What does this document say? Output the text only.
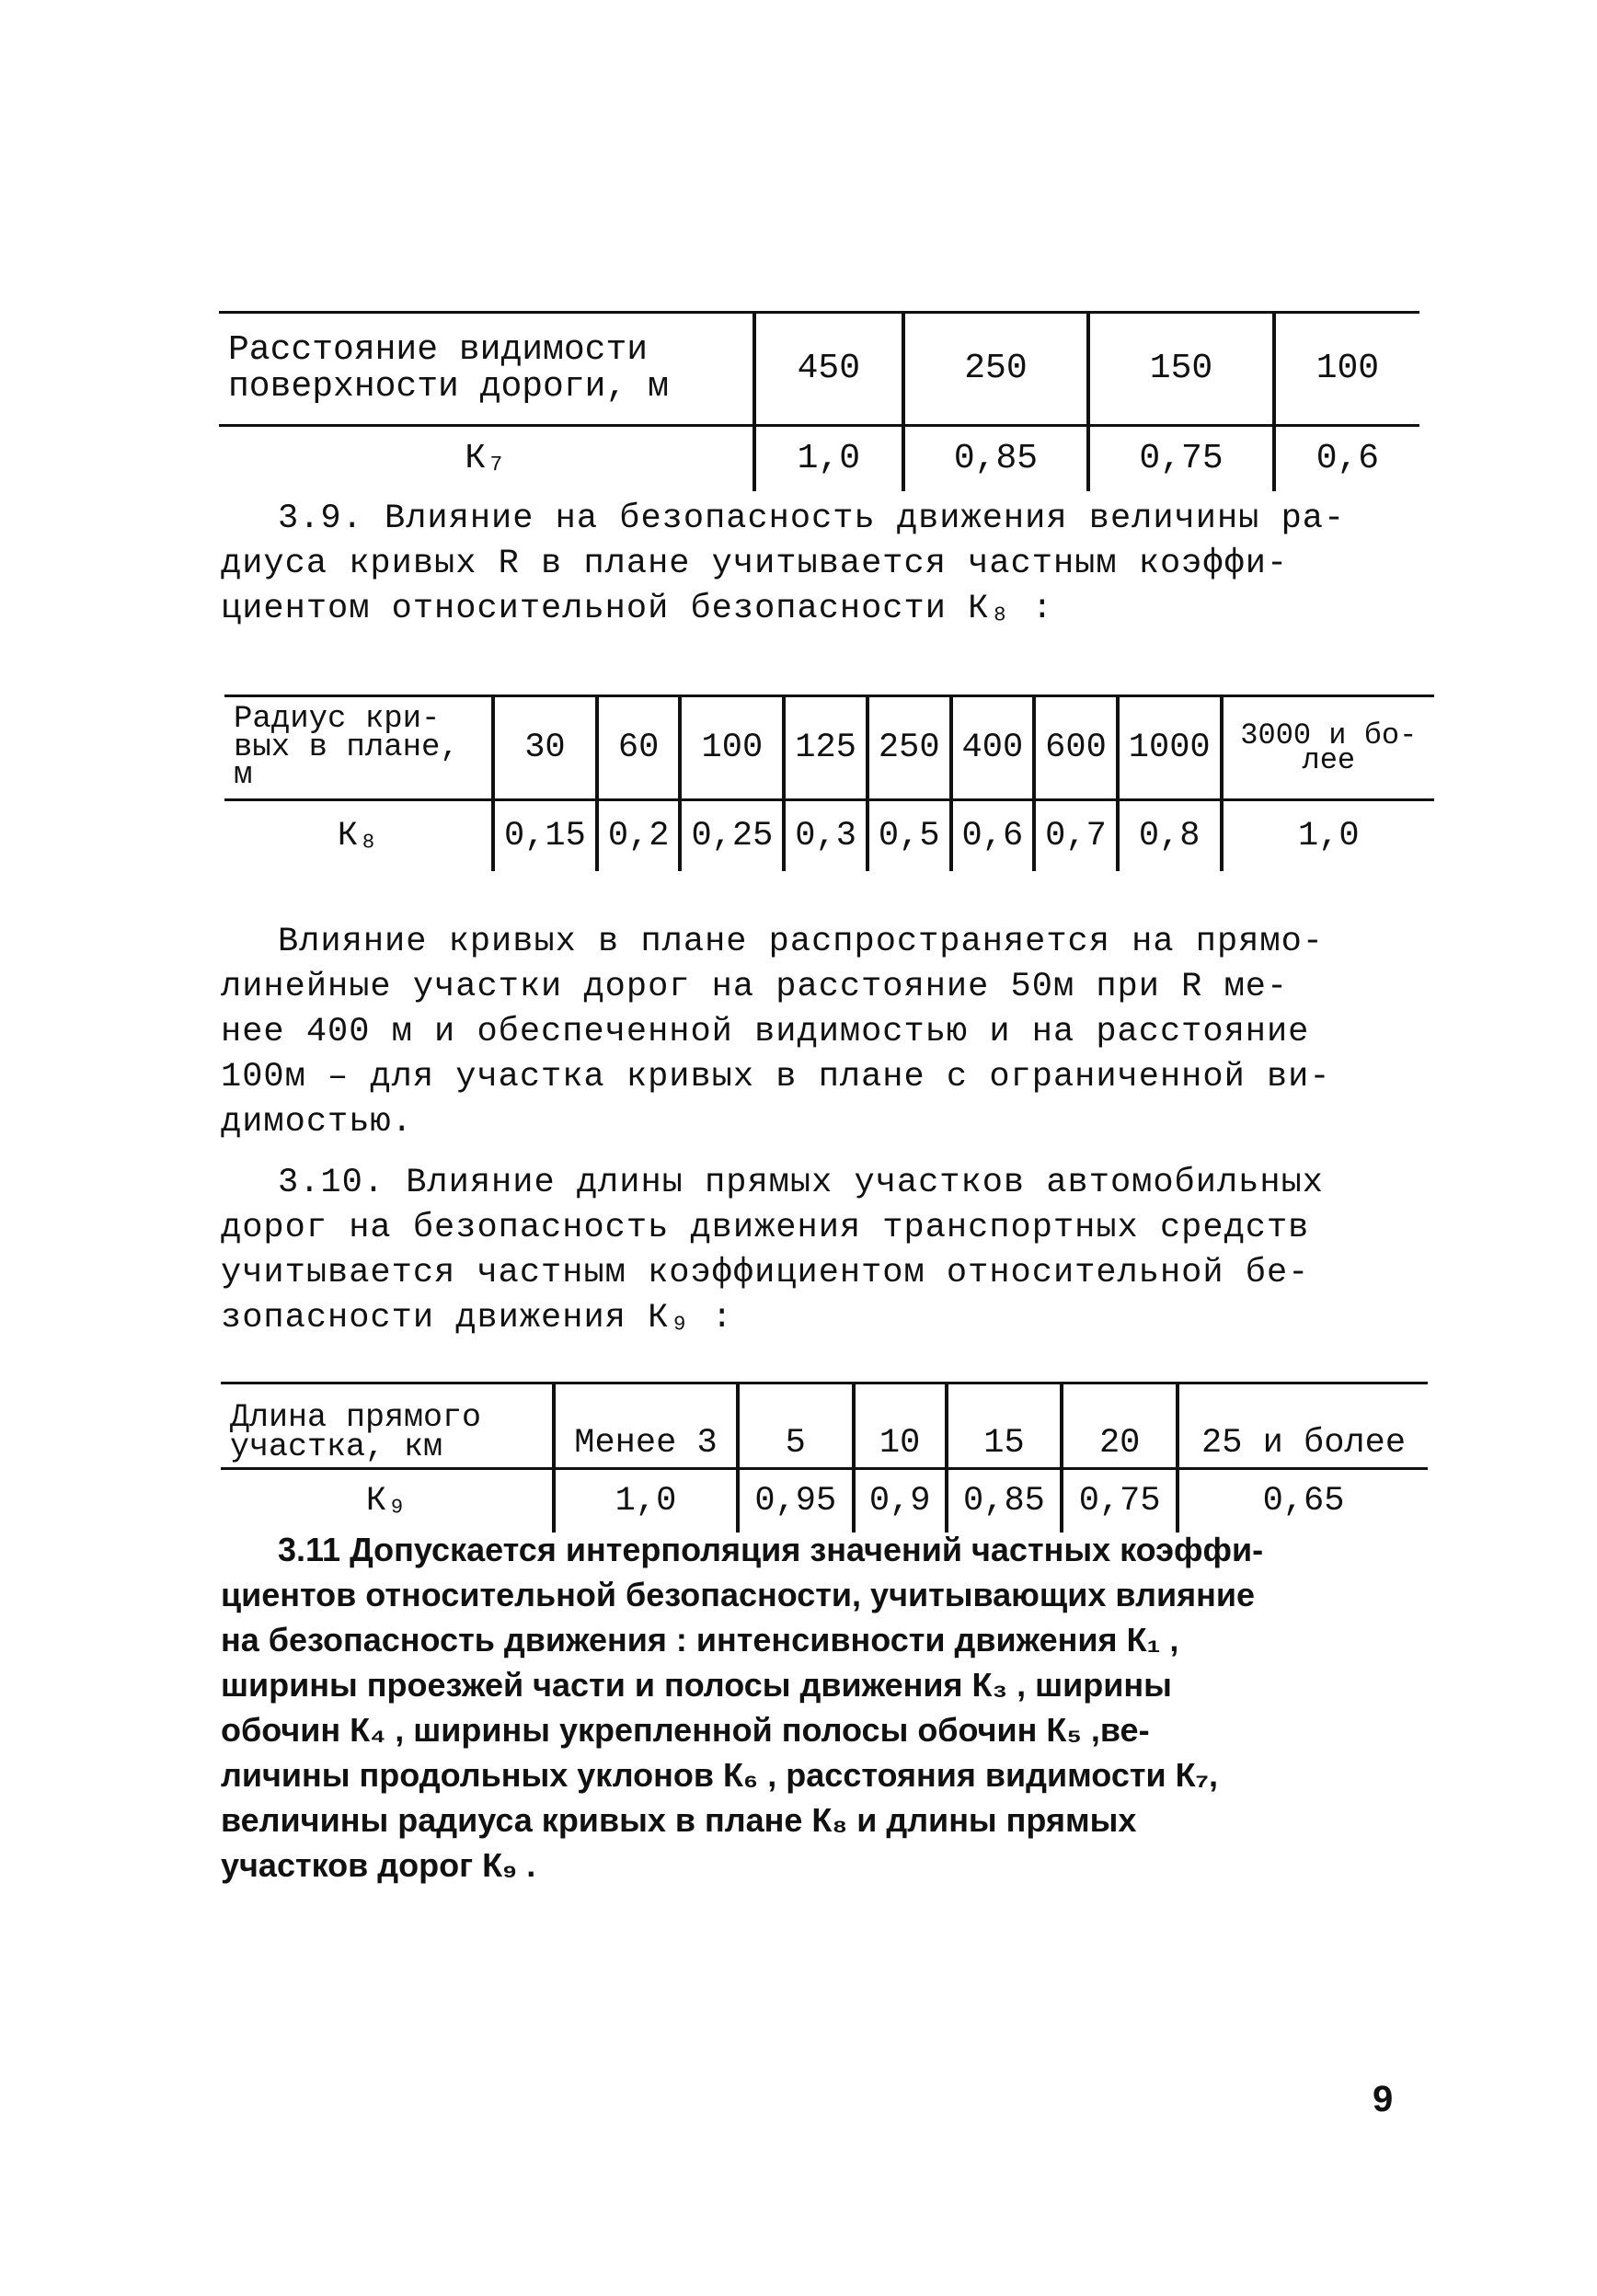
Расстояние видимости поверхности дороги, м	450	250	150	100
К₇	1,0	0,85	0,75	0,6
3.9. Влияние на безопасность движения величины ра-
диуса кривых R в плане учитывается частным коэффи-
циентом относительной безопасности К₈ :
Радиус кри-вых в плане, м	30	60	100	125	250	400	600	1000	3000 и бо-лее
К₈	0,15	0,2	0,25	0,3	0,5	0,6	0,7	0,8	1,0
Влияние кривых в плане распространяется на прямо-
линейные участки дорог на расстояние 50м при R ме-
нее 400 м и обеспеченной видимостью и на расстояние
100м – для участка кривых в плане с ограниченной ви-
димостью.
3.10. Влияние длины прямых участков автомобильных
дорог на безопасность движения транспортных средств
учитывается частным коэффициентом относительной бе-
зопасности движения К₉ :
Длина прямого участка, км	Менее 3	5	10	15	20	25 и более
К₉	1,0	0,95	0,9	0,85	0,75	0,65
3.11 Допускается интерполяция значений частных коэффи-
циентов относительной безопасности, учитывающих влияние
на безопасность движения : интенсивности движения К₁ ,
ширины проезжей части и полосы движения К₃ , ширины
обочин К₄ , ширины укрепленной полосы обочин К₅ ,ве-
личины продольных уклонов К₆ , расстояния видимости К₇,
величины радиуса кривых в плане К₈ и длины прямых
участков дорог К₉ .
9
